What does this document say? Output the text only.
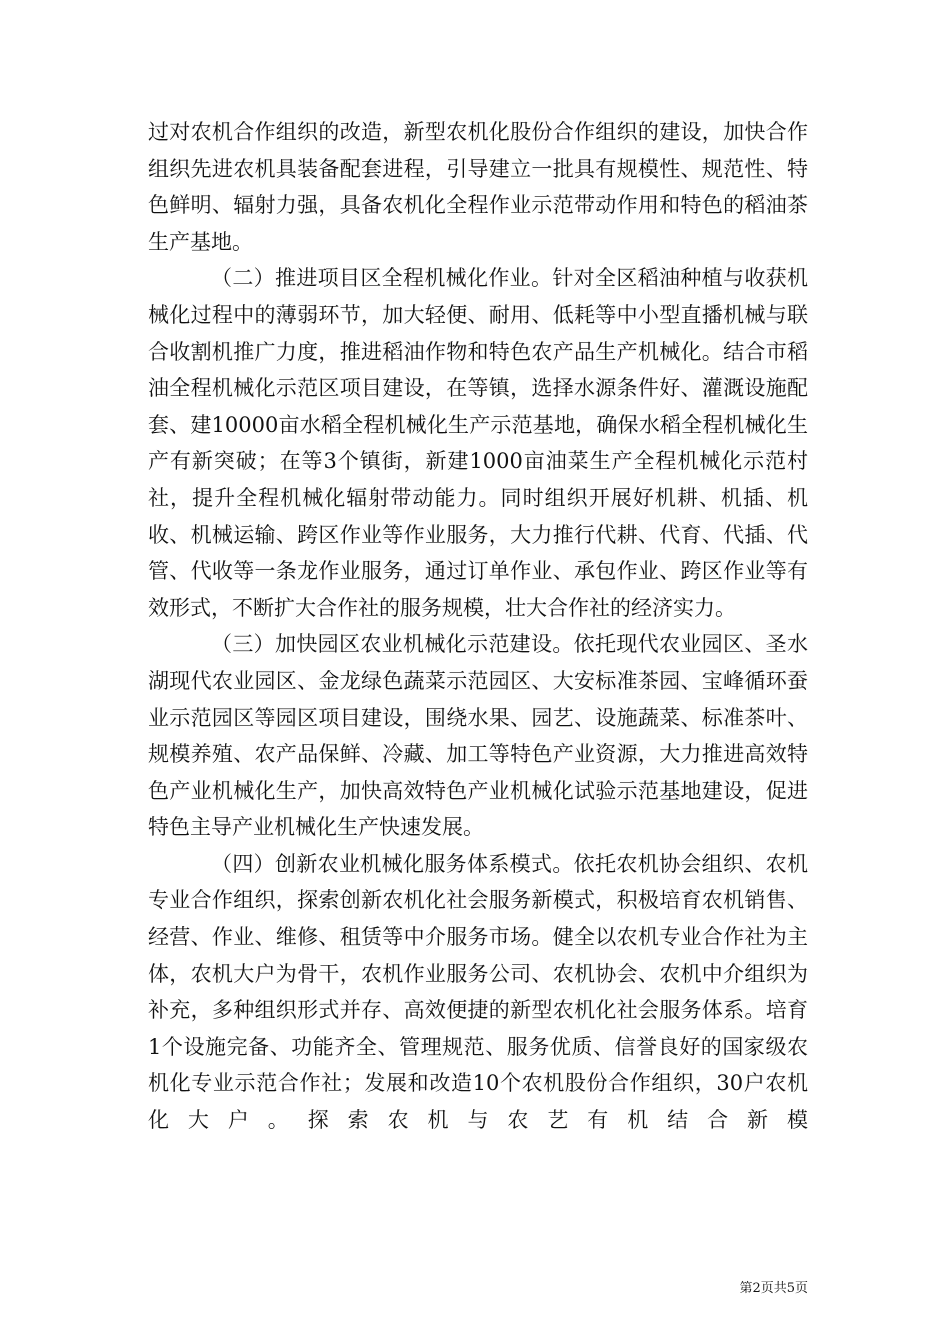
过对农机合作组织的改造，新型农机化股份合作组织的建设，加快合作组织先进农机具装备配套进程，引导建立一批具有规模性、规范性、特色鲜明、辐射力强，具备农机化全程作业示范带动作用和特色的稻油茶生产基地。

（二）推进项目区全程机械化作业。针对全区稻油种植与收获机械化过程中的薄弱环节，加大轻便、耐用、低耗等中小型直播机械与联合收割机推广力度，推进稻油作物和特色农产品生产机械化。结合市稻油全程机械化示范区项目建设，在等镇，选择水源条件好、灌溉设施配套、建10000亩水稻全程机械化生产示范基地，确保水稻全程机械化生产有新突破；在等3个镇街，新建1000亩油菜生产全程机械化示范村社，提升全程机械化辐射带动能力。同时组织开展好机耕、机插、机收、机械运输、跨区作业等作业服务，大力推行代耕、代育、代插、代管、代收等一条龙作业服务，通过订单作业、承包作业、跨区作业等有效形式，不断扩大合作社的服务规模，壮大合作社的经济实力。

（三）加快园区农业机械化示范建设。依托现代农业园区、圣水湖现代农业园区、金龙绿色蔬菜示范园区、大安标准茶园、宝峰循环蚕业示范园区等园区项目建设，围绕水果、园艺、设施蔬菜、标准茶叶、规模养殖、农产品保鲜、冷藏、加工等特色产业资源，大力推进高效特色产业机械化生产，加快高效特色产业机械化试验示范基地建设，促进特色主导产业机械化生产快速发展。

（四）创新农业机械化服务体系模式。依托农机协会组织、农机专业合作组织，探索创新农机化社会服务新模式，积极培育农机销售、经营、作业、维修、租赁等中介服务市场。健全以农机专业合作社为主体，农机大户为骨干，农机作业服务公司、农机协会、农机中介组织为补充，多种组织形式并存、高效便捷的新型农机化社会服务体系。培育1个设施完备、功能齐全、管理规范、服务优质、信誉良好的国家级农机化专业示范合作社；发展和改造10个农机股份合作组织，30户农机化大户。探索农机与农艺有机结合新模

第2页共5页
